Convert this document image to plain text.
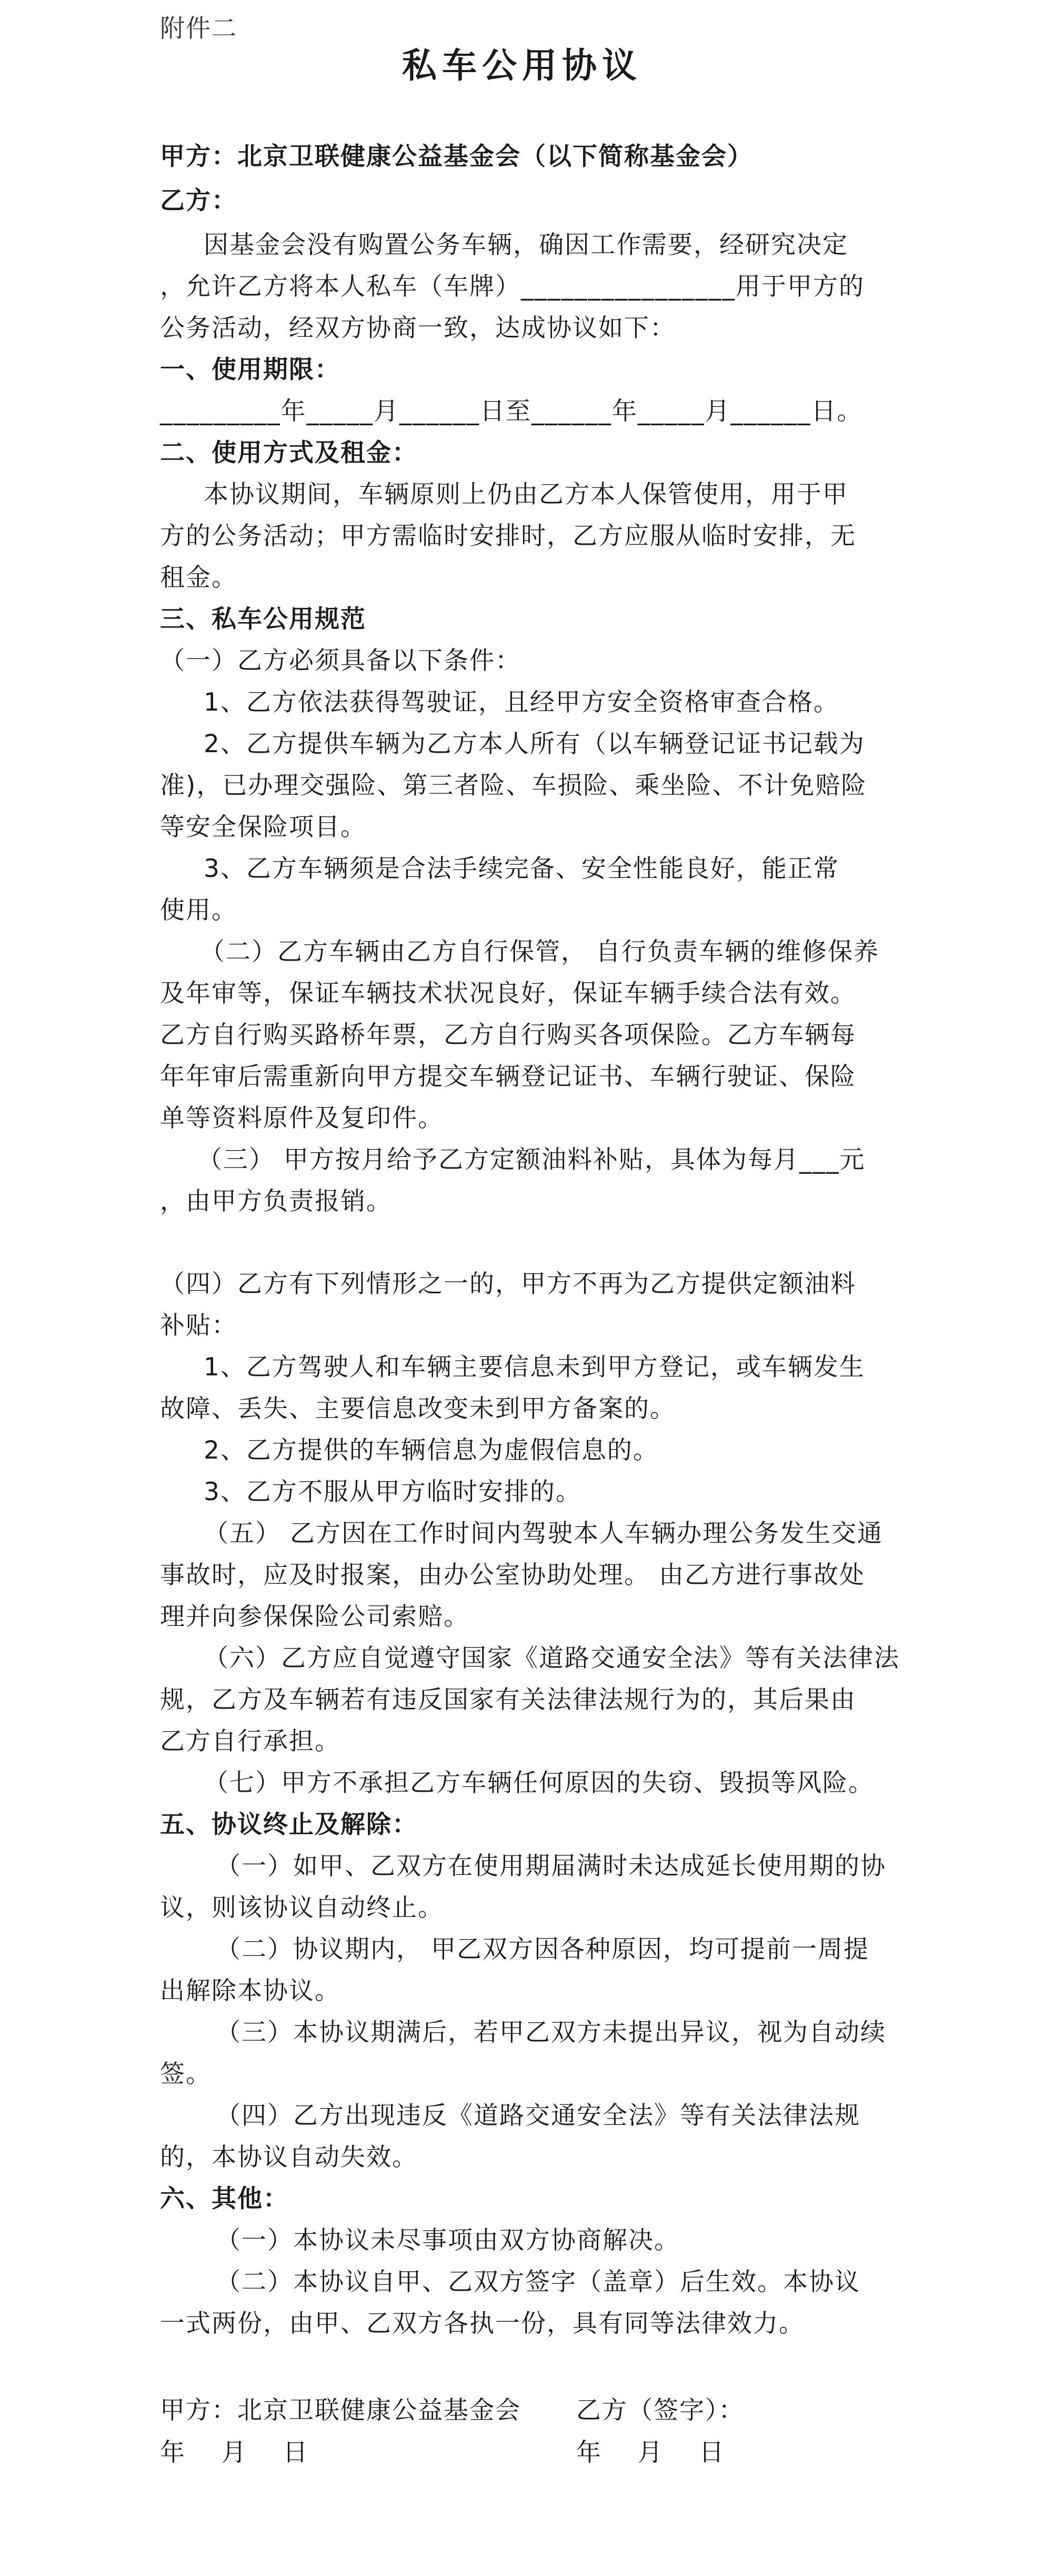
附件二
私车公用协议
甲方：北京卫联健康公益基金会（以下简称基金会）
乙方：
因基金会没有购置公务车辆，确因工作需要，经研究决定
，允许乙方将本人私车（车牌）________________用于甲方的
公务活动，经双方协商一致，达成协议如下：
一、使用期限：
_________年_____月______日至______年_____月______日。
二、使用方式及租金：
本协议期间，车辆原则上仍由乙方本人保管使用，用于甲
方的公务活动；甲方需临时安排时，乙方应服从临时安排，无
租金。
三、私车公用规范
（一）乙方必须具备以下条件：
1、乙方依法获得驾驶证，且经甲方安全资格审查合格。
2、乙方提供车辆为乙方本人所有（以车辆登记证书记载为
准)，已办理交强险、第三者险、车损险、乘坐险、不计免赔险
等安全保险项目。
3、乙方车辆须是合法手续完备、安全性能良好，能正常
使用。
（二）乙方车辆由乙方自行保管， 自行负责车辆的维修保养
及年审等，保证车辆技术状况良好，保证车辆手续合法有效。
乙方自行购买路桥年票，乙方自行购买各项保险。乙方车辆每
年年审后需重新向甲方提交车辆登记证书、车辆行驶证、保险
单等资料原件及复印件。
（三） 甲方按月给予乙方定额油料补贴，具体为每月___元
，由甲方负责报销。
（四）乙方有下列情形之一的，甲方不再为乙方提供定额油料
补贴：
1、乙方驾驶人和车辆主要信息未到甲方登记，或车辆发生
故障、丢失、主要信息改变未到甲方备案的。
2、乙方提供的车辆信息为虚假信息的。
3、乙方不服从甲方临时安排的。
（五） 乙方因在工作时间内驾驶本人车辆办理公务发生交通
事故时，应及时报案，由办公室协助处理。 由乙方进行事故处
理并向参保保险公司索赔。
（六）乙方应自觉遵守国家《道路交通安全法》等有关法律法
规，乙方及车辆若有违反国家有关法律法规行为的，其后果由
乙方自行承担。
（七）甲方不承担乙方车辆任何原因的失窃、毁损等风险。
五、协议终止及解除：
（一）如甲、乙双方在使用期届满时未达成延长使用期的协
议，则该协议自动终止。
（二）协议期内， 甲乙双方因各种原因，均可提前一周提
出解除本协议。
（三）本协议期满后，若甲乙双方未提出异议，视为自动续
签。
（四）乙方出现违反《道路交通安全法》等有关法律法规
的，本协议自动失效。
六、其他：
（一）本协议未尽事项由双方协商解决。
（二）本协议自甲、乙双方签字（盖章）后生效。本协议
一式两份，由甲、乙双方各执一份，具有同等法律效力。
甲方：北京卫联健康公益基金会	乙方（签字）：
年    月    日	年    月    日
